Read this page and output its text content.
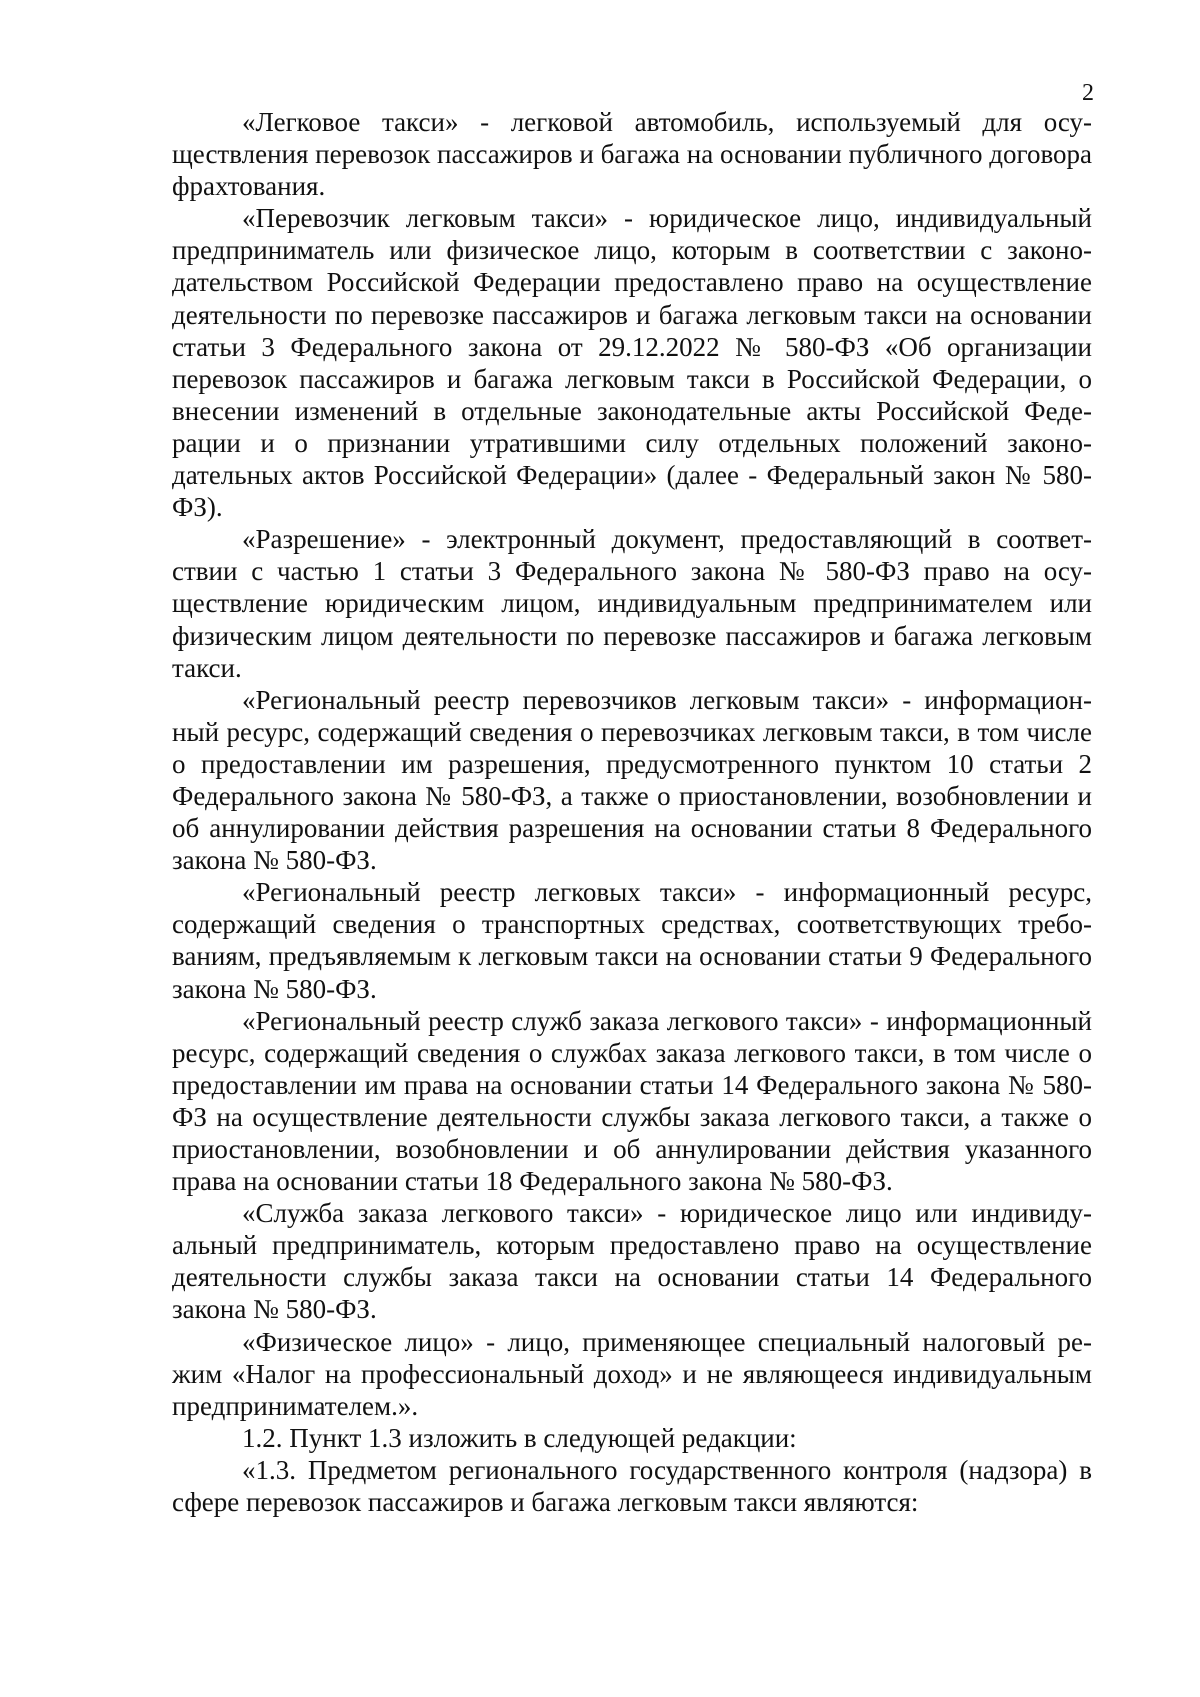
2

«Легковое такси» - легковой автомобиль, используемый для осуществления перевозок пассажиров и багажа на основании публичного договора фрахтования.

«Перевозчик легковым такси» - юридическое лицо, индивидуальный предприниматель или физическое лицо, которым в соответствии с законодательством Российской Федерации предоставлено право на осуществление деятельности по перевозке пассажиров и багажа легковым такси на основании статьи 3 Федерального закона от 29.12.2022 № 580-ФЗ «Об организации перевозок пассажиров и багажа легковым такси в Российской Федерации, о внесении изменений в отдельные законодательные акты Российской Федерации и о признании утратившими силу отдельных положений законодательных актов Российской Федерации» (далее - Федеральный закон № 580-ФЗ).

«Разрешение» - электронный документ, предоставляющий в соответствии с частью 1 статьи 3 Федерального закона № 580-ФЗ право на осуществление юридическим лицом, индивидуальным предпринимателем или физическим лицом деятельности по перевозке пассажиров и багажа легковым такси.

«Региональный реестр перевозчиков легковым такси» - информационный ресурс, содержащий сведения о перевозчиках легковым такси, в том числе о предоставлении им разрешения, предусмотренного пунктом 10 статьи 2 Федерального закона № 580-ФЗ, а также о приостановлении, возобновлении и об аннулировании действия разрешения на основании статьи 8 Федерального закона № 580-ФЗ.

«Региональный реестр легковых такси» - информационный ресурс, содержащий сведения о транспортных средствах, соответствующих требованиям, предъявляемым к легковым такси на основании статьи 9 Федерального закона № 580-ФЗ.

«Региональный реестр служб заказа легкового такси» - информационный ресурс, содержащий сведения о службах заказа легкового такси, в том числе о предоставлении им права на основании статьи 14 Федерального закона № 580-ФЗ на осуществление деятельности службы заказа легкового такси, а также о приостановлении, возобновлении и об аннулировании действия указанного права на основании статьи 18 Федерального закона № 580-ФЗ.

«Служба заказа легкового такси» - юридическое лицо или индивидуальный предприниматель, которым предоставлено право на осуществление деятельности службы заказа такси на основании статьи 14 Федерального закона № 580-ФЗ.

«Физическое лицо» - лицо, применяющее специальный налоговый режим «Налог на профессиональный доход» и не являющееся индивидуальным предпринимателем.».

1.2. Пункт 1.3 изложить в следующей редакции:

«1.3. Предметом регионального государственного контроля (надзора) в сфере перевозок пассажиров и багажа легковым такси являются:
